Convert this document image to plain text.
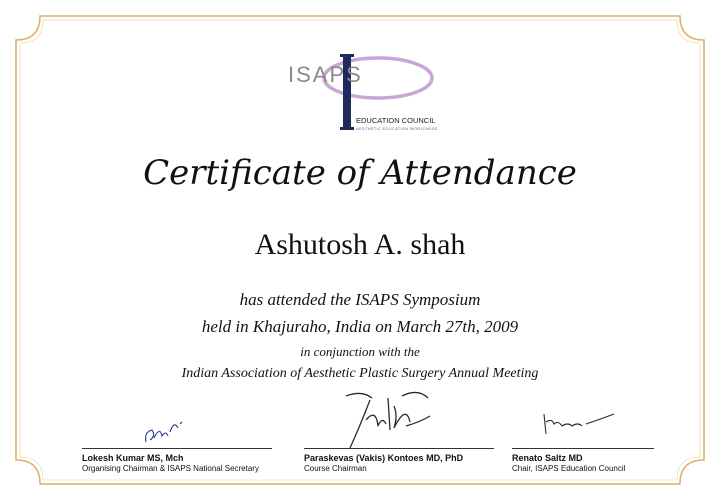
ISAPS
EDUCATION COUNCIL
AESTHETIC EDUCATION WORLDWIDE
Certificate of Attendance
Ashutosh A. shah
has attended the ISAPS Symposium
held in Khajuraho, India on March 27th, 2009
in conjunction with the
Indian Association of Aesthetic Plastic Surgery Annual Meeting
Lokesh Kumar MS, Mch
Organising Chairman & ISAPS National Secretary
Paraskevas (Vakis) Kontoes MD, PhD
Course Chairman
Renato Saltz MD
Chair, ISAPS Education Council
